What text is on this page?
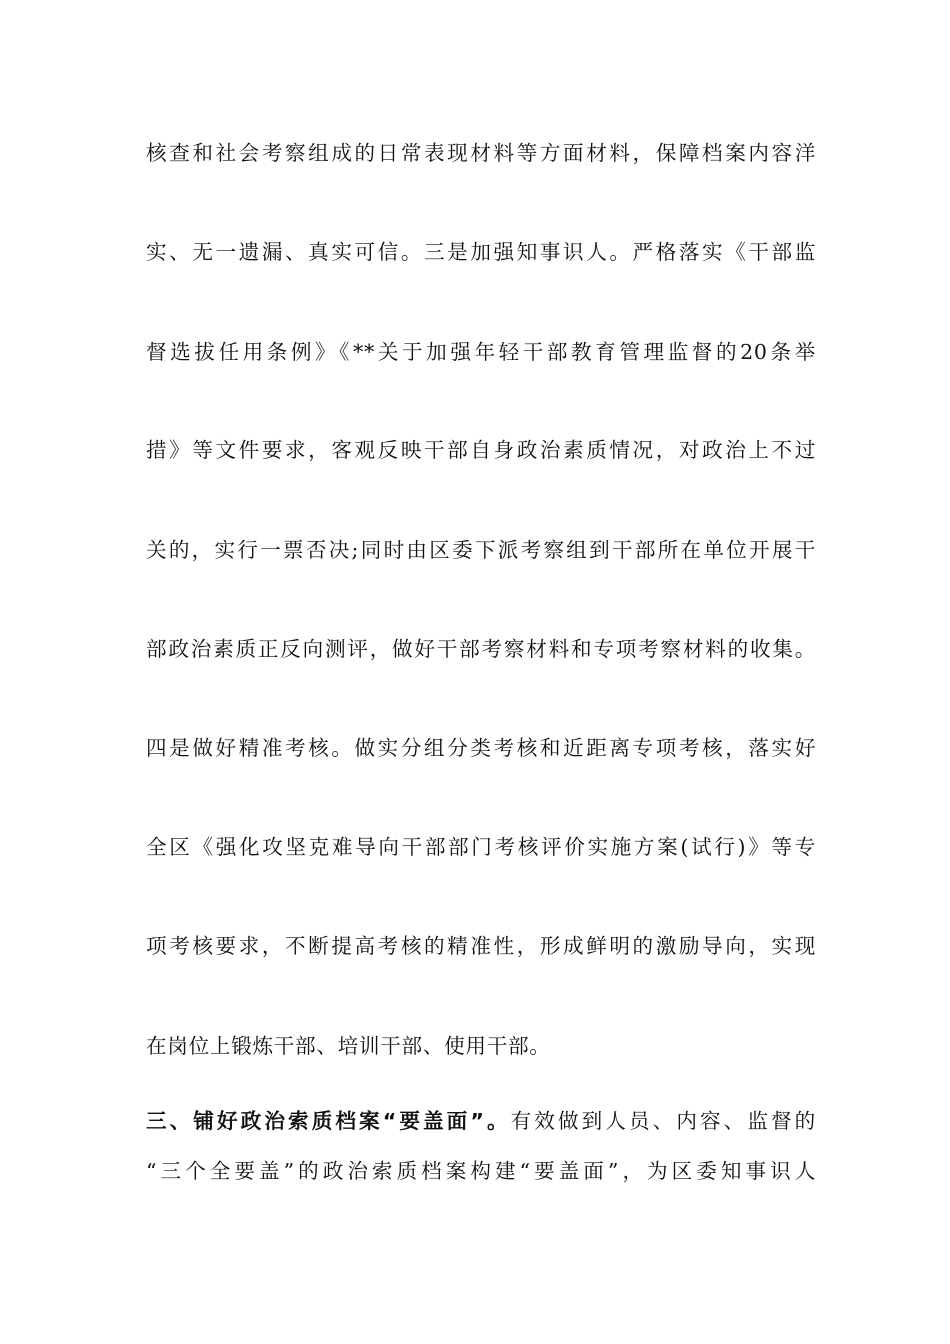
核查和社会考察组成的日常表现材料等方面材料，保障档案内容洋
实、无一遗漏、真实可信。三是加强知事识人。严格落实《干部监
督选拔任用条例》《**关于加强年轻干部教育管理监督的20条举
措》等文件要求，客观反映干部自身政治素质情况，对政治上不过
关的，实行一票否决;同时由区委下派考察组到干部所在单位开展干
部政治素质正反向测评，做好干部考察材料和专项考察材料的收集。
四是做好精准考核。做实分组分类考核和近距离专项考核，落实好
全区《强化攻坚克难导向干部部门考核评价实施方案(试行)》等专
项考核要求，不断提高考核的精准性，形成鲜明的激励导向，实现
在岗位上锻炼干部、培训干部、使用干部。
三、铺好政治索质档案“要盖面”。有效做到人员、内容、监督的
“三个全要盖”的政治索质档案构建“要盖面”，为区委知事识人
